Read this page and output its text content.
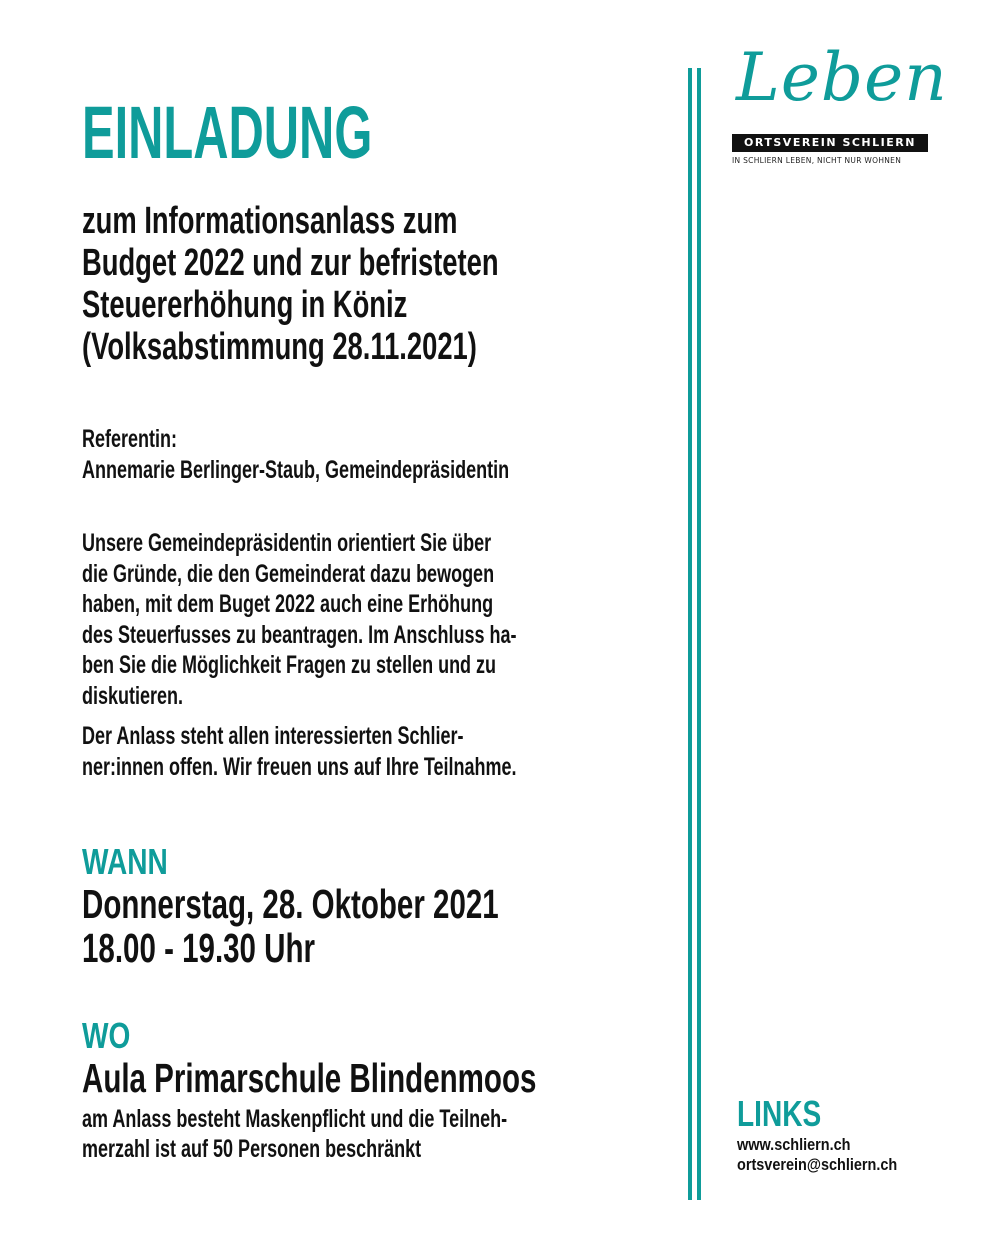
EINLADUNG
zum Informationsanlass zum
Budget 2022 und zur befristeten
Steuererhöhung in Köniz
(Volksabstimmung 28.11.2021)
Referentin:
Annemarie Berlinger-Staub, Gemeindepräsidentin
Unsere Gemeindepräsidentin orientiert Sie über
die Gründe, die den Gemeinderat dazu bewogen
haben, mit dem Buget 2022 auch eine Erhöhung
des Steuerfusses zu beantragen. Im Anschluss ha-
ben Sie die Möglichkeit Fragen zu stellen und zu
diskutieren.
Der Anlass steht allen interessierten Schlier-
ner:innen offen. Wir freuen uns auf Ihre Teilnahme.
WANN
Donnerstag, 28. Oktober 2021
18.00 - 19.30 Uhr
WO
Aula Primarschule Blindenmoos
am Anlass besteht Maskenpflicht und die Teilneh-
merzahl ist auf 50 Personen beschränkt
Leben
ORTSVEREIN SCHLIERN
IN SCHLIERN LEBEN, NICHT NUR WOHNEN
LINKS
www.schliern.ch
ortsverein@schliern.ch
